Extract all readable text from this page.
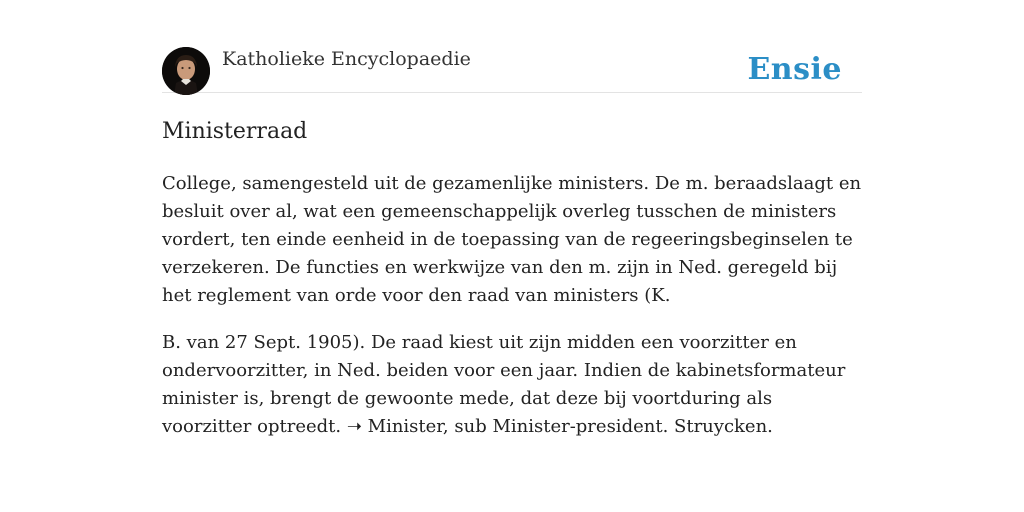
Katholieke Encyclopaedie	Ensie
Ministerraad

College, samengesteld uit de gezamenlijke ministers. De m. beraadslaagt en besluit over al, wat een gemeenschappelijk overleg tusschen de ministers vordert, ten einde eenheid in de toepassing van de regeeringsbeginselen te verzekeren. De functies en werkwijze van den m. zijn in Ned. geregeld bij het reglement van orde voor den raad van ministers (K.

B. van 27 Sept. 1905). De raad kiest uit zijn midden een voorzitter en ondervoorzitter, in Ned. beiden voor een jaar. Indien de kabinetsformateur minister is, brengt de gewoonte mede, dat deze bij voortduring als voorzitter optreedt. ➝ Minister, sub Minister-president. Struycken.
